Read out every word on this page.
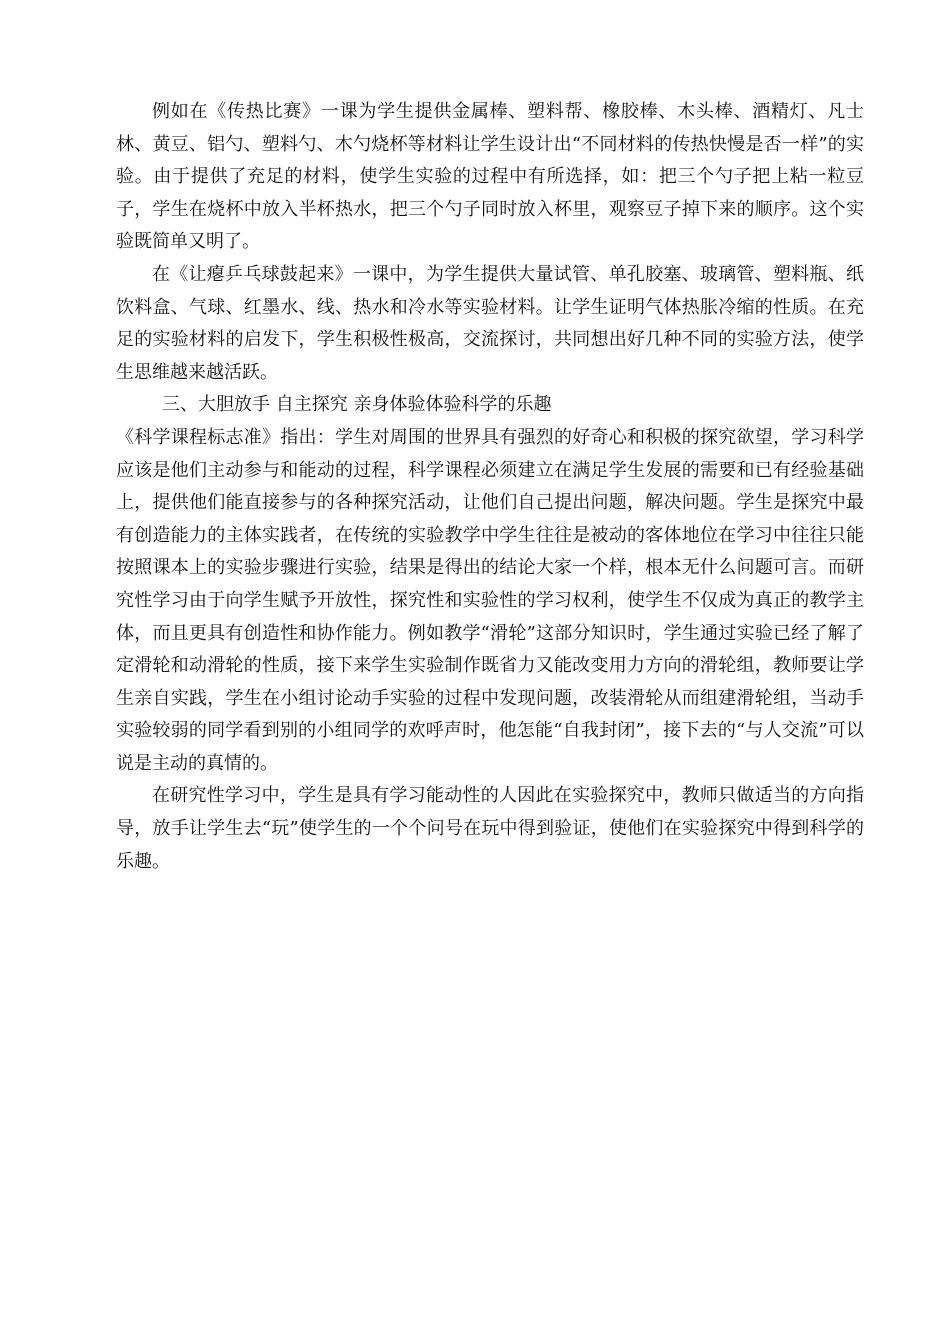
例如在《传热比赛》一课为学生提供金属棒、塑料帮、橡胶棒、木头棒、酒精灯、凡士林、黄豆、铝勺、塑料勺、木勺烧杯等材料让学生设计出“不同材料的传热快慢是否一样”的实验。由于提供了充足的材料，使学生实验的过程中有所选择，如：把三个勺子把上粘一粒豆子，学生在烧杯中放入半杯热水，把三个勺子同时放入杯里，观察豆子掉下来的顺序。这个实验既简单又明了。

在《让瘪乒乓球鼓起来》一课中，为学生提供大量试管、单孔胶塞、玻璃管、塑料瓶、纸饮料盒、气球、红墨水、线、热水和冷水等实验材料。让学生证明气体热胀冷缩的性质。在充足的实验材料的启发下，学生积极性极高，交流探讨，共同想出好几种不同的实验方法，使学生思维越来越活跃。

三、大胆放手 自主探究 亲身体验体验科学的乐趣

《科学课程标志准》指出：学生对周围的世界具有强烈的好奇心和积极的探究欲望，学习科学应该是他们主动参与和能动的过程，科学课程必须建立在满足学生发展的需要和已有经验基础上，提供他们能直接参与的各种探究活动，让他们自己提出问题，解决问题。学生是探究中最有创造能力的主体实践者，在传统的实验教学中学生往往是被动的客体地位在学习中往往只能按照课本上的实验步骤进行实验，结果是得出的结论大家一个样，根本无什么问题可言。而研究性学习由于向学生赋予开放性，探究性和实验性的学习权利，使学生不仅成为真正的教学主体，而且更具有创造性和协作能力。例如教学“滑轮”这部分知识时，学生通过实验已经了解了定滑轮和动滑轮的性质，接下来学生实验制作既省力又能改变用力方向的滑轮组，教师要让学生亲自实践，学生在小组讨论动手实验的过程中发现问题，改装滑轮从而组建滑轮组，当动手实验较弱的同学看到别的小组同学的欢呼声时，他怎能“自我封闭”，接下去的“与人交流”可以说是主动的真情的。

在研究性学习中，学生是具有学习能动性的人因此在实验探究中，教师只做适当的方向指导，放手让学生去“玩”使学生的一个个问号在玩中得到验证，使他们在实验探究中得到科学的乐趣。
